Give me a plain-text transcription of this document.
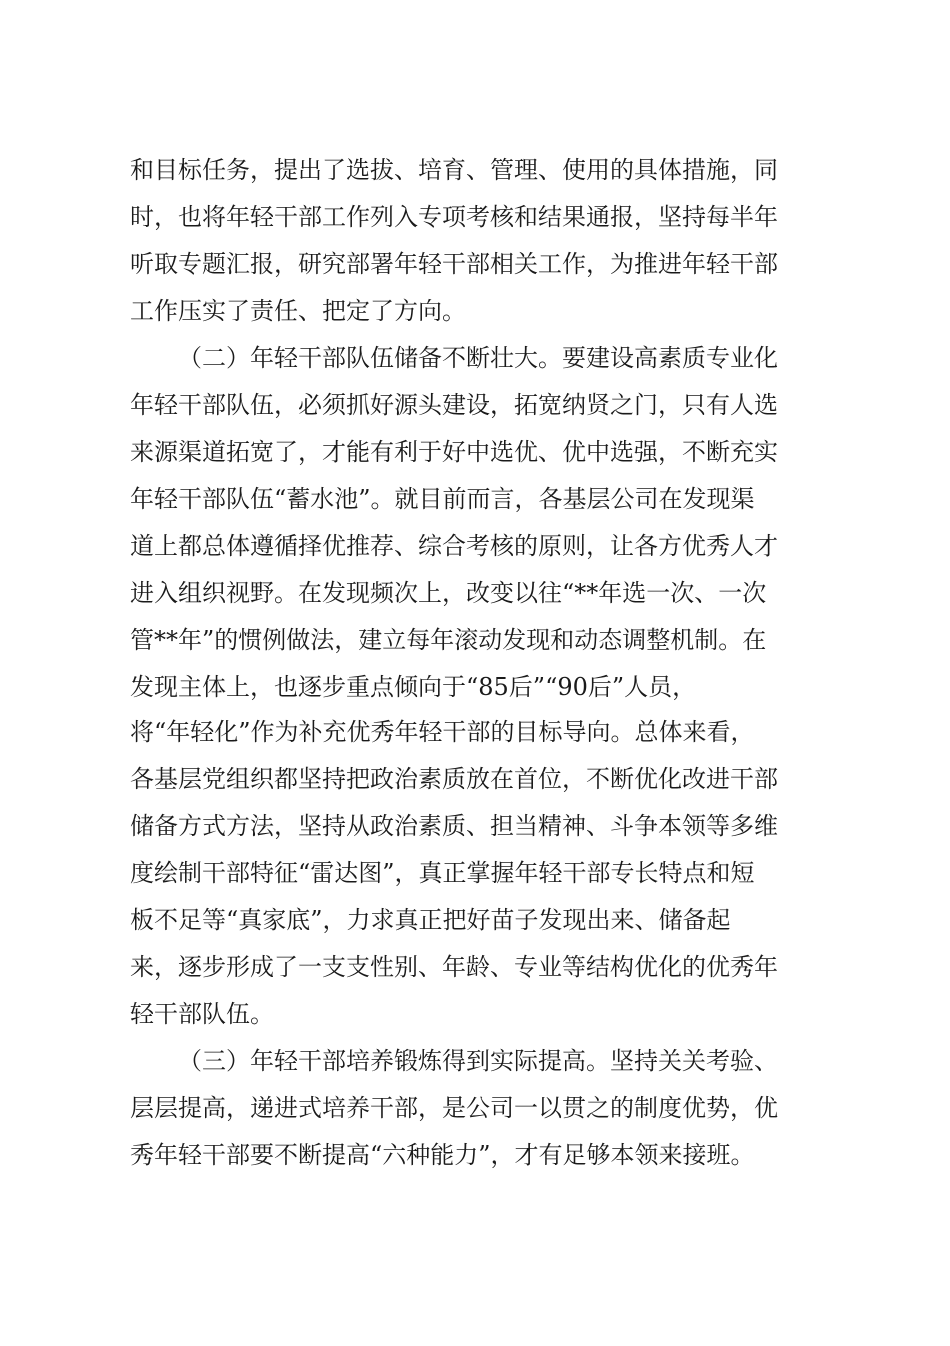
和目标任务，提出了选拔、培育、管理、使用的具体措施，同

时，也将年轻干部工作列入专项考核和结果通报，坚持每半年

听取专题汇报，研究部署年轻干部相关工作，为推进年轻干部

工作压实了责任、把定了方向。

（二）年轻干部队伍储备不断壮大。要建设高素质专业化

年轻干部队伍，必须抓好源头建设，拓宽纳贤之门，只有人选

来源渠道拓宽了，才能有利于好中选优、优中选强，不断充实

年轻干部队伍“蓄水池”。就目前而言，各基层公司在发现渠

道上都总体遵循择优推荐、综合考核的原则，让各方优秀人才

进入组织视野。在发现频次上，改变以往“**年选一次、一次

管**年”的惯例做法，建立每年滚动发现和动态调整机制。在

发现主体上，也逐步重点倾向于“85后”“90后”人员，

将“年轻化”作为补充优秀年轻干部的目标导向。总体来看，

各基层党组织都坚持把政治素质放在首位，不断优化改进干部

储备方式方法，坚持从政治素质、担当精神、斗争本领等多维

度绘制干部特征“雷达图”，真正掌握年轻干部专长特点和短

板不足等“真家底”，力求真正把好苗子发现出来、储备起

来，逐步形成了一支支性别、年龄、专业等结构优化的优秀年

轻干部队伍。

（三）年轻干部培养锻炼得到实际提高。坚持关关考验、

层层提高，递进式培养干部，是公司一以贯之的制度优势，优

秀年轻干部要不断提高“六种能力”，才有足够本领来接班。
